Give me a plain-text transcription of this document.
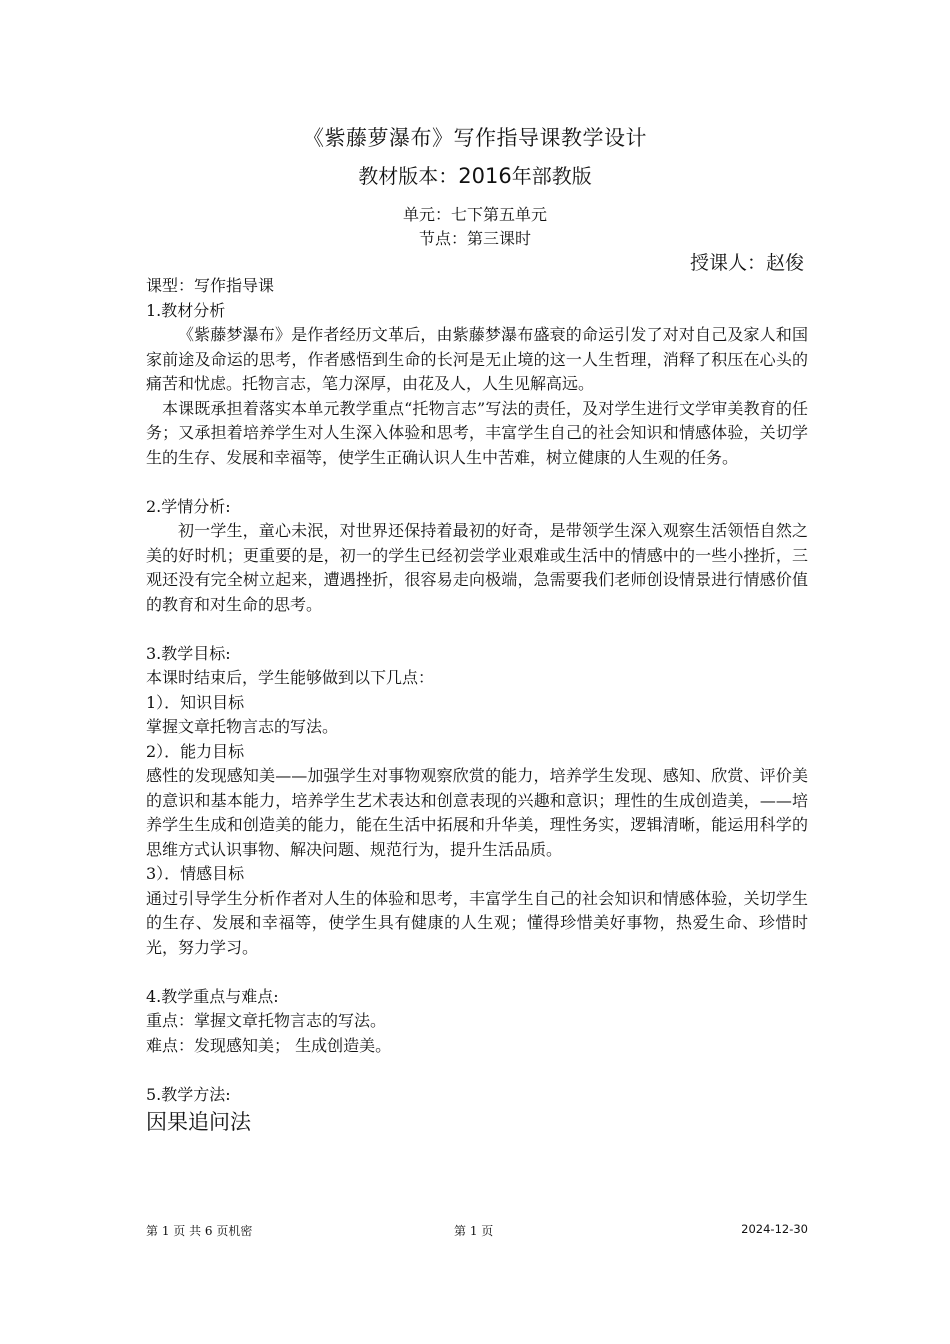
《紫藤萝瀑布》写作指导课教学设计
教材版本：2016年部教版
单元：七下第五单元
节点：第三课时
授课人：赵俊

课型：写作指导课

1.教材分析

《紫藤梦瀑布》是作者经历文革后，由紫藤梦瀑布盛衰的命运引发了对对自己及家人和国家前途及命运的思考，作者感悟到生命的长河是无止境的这一人生哲理，消释了积压在心头的痛苦和忧虑。托物言志，笔力深厚，由花及人，人生见解高远。

本课既承担着落实本单元教学重点“托物言志”写法的责任，及对学生进行文学审美教育的任务；又承担着培养学生对人生深入体验和思考，丰富学生自己的社会知识和情感体验，关切学生的生存、发展和幸福等，使学生正确认识人生中苦难，树立健康的人生观的任务。

2.学情分析:

初一学生，童心未泯，对世界还保持着最初的好奇，是带领学生深入观察生活领悟自然之美的好时机；更重要的是，初一的学生已经初尝学业艰难或生活中的情感中的一些小挫折，三观还没有完全树立起来，遭遇挫折，很容易走向极端，急需要我们老师创设情景进行情感价值的教育和对生命的思考。

3.教学目标:

本课时结束后，学生能够做到以下几点：

1）．知识目标

掌握文章托物言志的写法。

2）．能力目标

感性的发现感知美——加强学生对事物观察欣赏的能力，培养学生发现、感知、欣赏、评价美的意识和基本能力，培养学生艺术表达和创意表现的兴趣和意识；理性的生成创造美，——培养学生生成和创造美的能力，能在生活中拓展和升华美，理性务实，逻辑清晰，能运用科学的思维方式认识事物、解决问题、规范行为，提升生活品质。

3）．情感目标

通过引导学生分析作者对人生的体验和思考，丰富学生自己的社会知识和情感体验，关切学生的生存、发展和幸福等，使学生具有健康的人生观；懂得珍惜美好事物，热爱生命、珍惜时光，努力学习。

4.教学重点与难点:

重点：掌握文章托物言志的写法。

难点：发现感知美； 生成创造美。

5.教学方法:

因果追问法

第 1 页 共 6 页机密	第 1 页	2024-12-30
